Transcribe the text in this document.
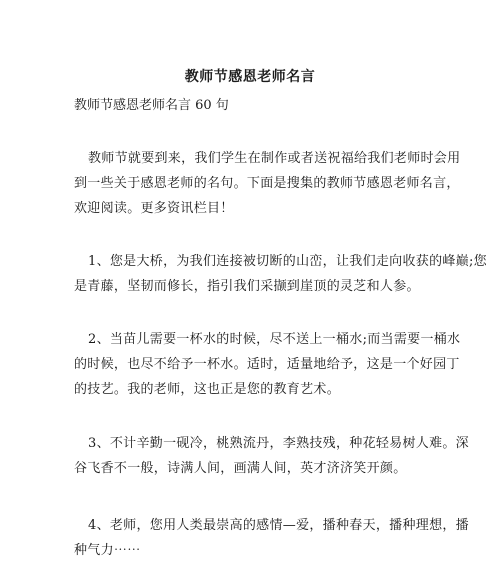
教师节感恩老师名言
教师节感恩老师名言 60 句
教师节就要到来，我们学生在制作或者送祝福给我们老师时会用
到一些关于感恩老师的名句。下面是搜集的教师节感恩老师名言，
欢迎阅读。更多资讯栏目！
1、您是大桥，为我们连接被切断的山峦，让我们走向收获的峰巅;您
是青藤，坚韧而修长，指引我们采撷到崖顶的灵芝和人参。
2、当苗儿需要一杯水的时候，尽不送上一桶水;而当需要一桶水
的时候，也尽不给予一杯水。适时，适量地给予，这是一个好园丁
的技艺。我的老师，这也正是您的教育艺术。
3、不计辛勤一砚冷，桃熟流丹，李熟技残，种花轻易树人难。深
谷飞香不一般，诗满人间，画满人间，英才济济笑开颜。
4、老师，您用人类最崇高的感情—爱，播种春天，播种理想，播
种气力⋯⋯
